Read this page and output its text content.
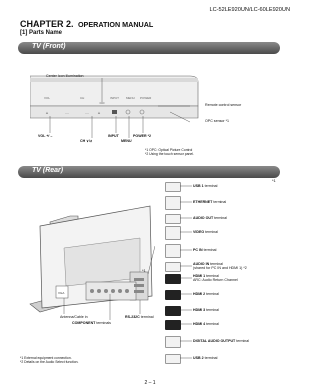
LC-52LE920UN/LC-60LE920UN
CHAPTER 2. OPERATION MANUAL
[1] Parts Name
TV (Front)
VOL	CH	INPUT MENU POWER
▲	—	— ▲
Center Icon illumination
Remote control sensor
OPC sensor *1
VOL +/ –
CH ∨/∧
INPUT
MENU
POWER *2
*1 OPC: Optical Picture Control
*2 Using the touch sensor panel.
TV (Rear)
*1
VGA
*1
Antenna/Cable in	RS-232C terminal
COMPONENT terminals
USB 1 terminal
ETHERNET terminal
AUDIO OUT terminal
VIDEO terminal
PC IN terminal
AUDIO IN terminal
(shared for PC IN and HDMI 1) *2
HDMI 1 terminal
ARC: Audio Return Channel
HDMI 2 terminal
HDMI 3 terminal
HDMI 4 terminal
DIGITAL AUDIO OUTPUT terminal
USB 2 terminal
*1 External equipment connection.
*2 Details on the Audio Select function.
2 – 1
